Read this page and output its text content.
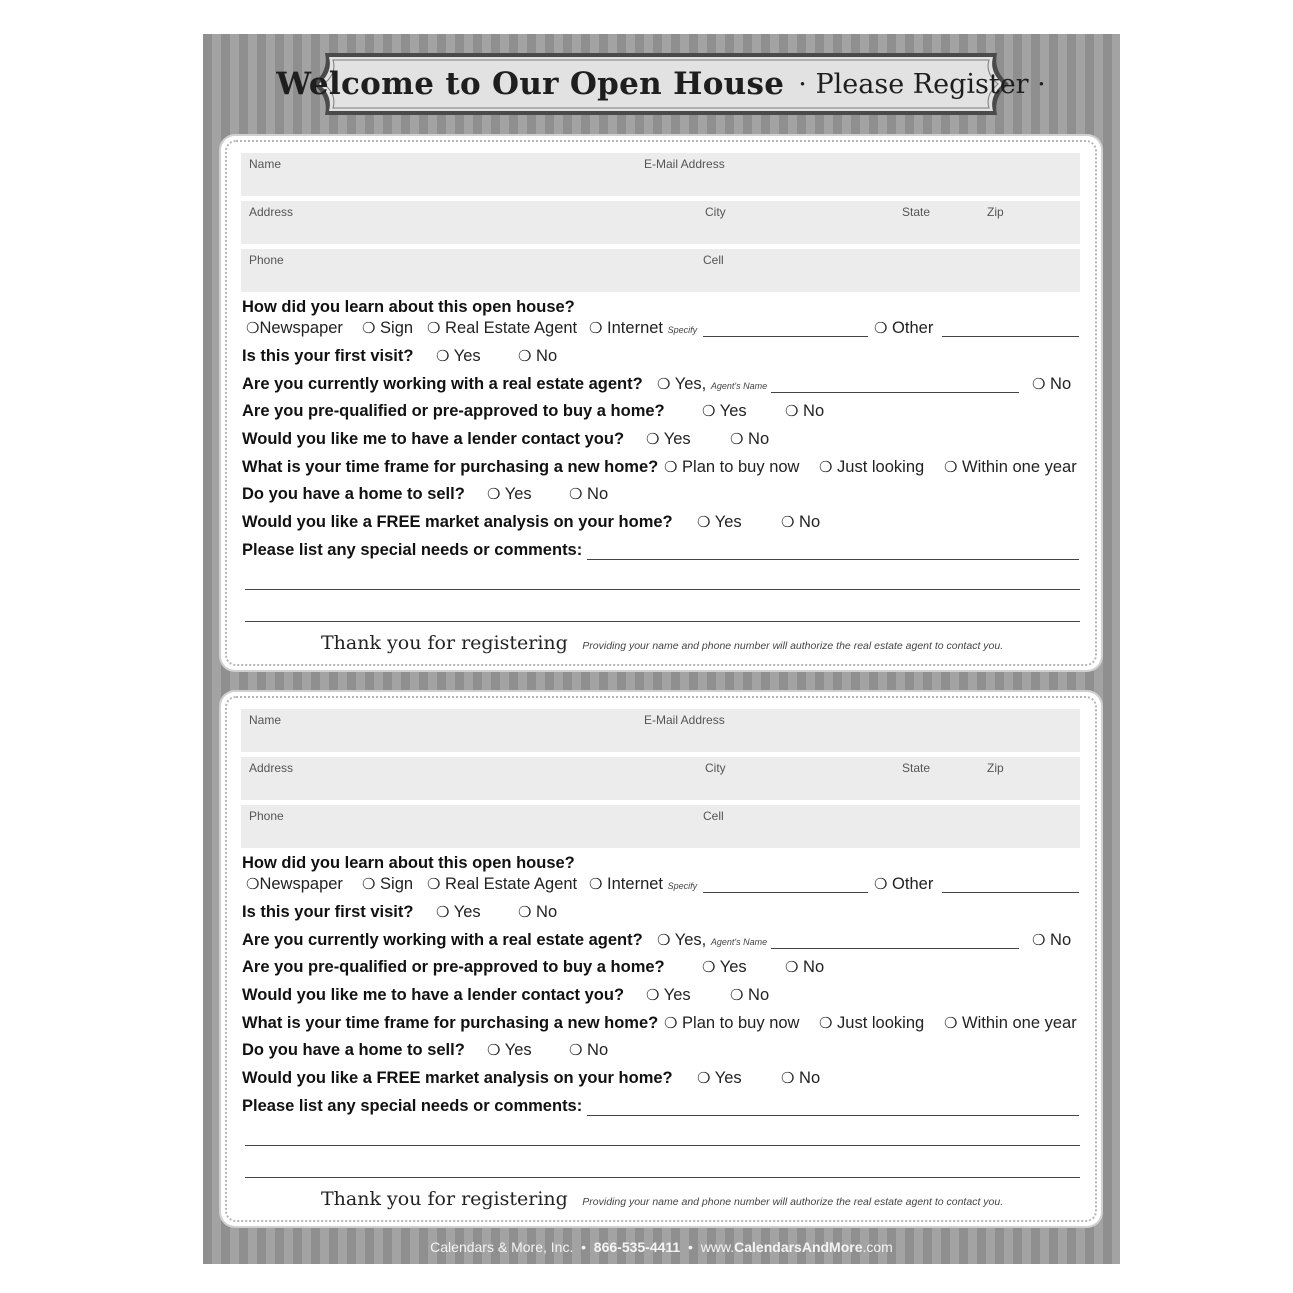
Welcome to Our Open House · Please Register ·
Name	E-Mail Address
Address	City	State	Zip
Phone	Cell
How did you learn about this open house?
❍Newspaper ❍ Sign ❍ Real Estate Agent ❍ Internet Specify	❍ Other
Is this your first visit? ❍ Yes ❍ No
Are you currently working with a real estate agent? ❍ Yes, Agent's Name	❍ No
Are you pre-qualified or pre-approved to buy a home? ❍ Yes	❍ No
Would you like me to have a lender contact you? ❍ Yes	❍ No
What is your time frame for purchasing a new home? ❍ Plan to buy now ❍ Just looking ❍ Within one year
Do you have a home to sell? ❍ Yes ❍ No
Would you like a FREE market analysis on your home? ❍ Yes	❍ No
Please list any special needs or comments:
Thank you for registering Providing your name and phone number will authorize the real estate agent to contact you.
Name	E-Mail Address
Address	City	State	Zip
Phone	Cell
How did you learn about this open house?
❍Newspaper ❍ Sign ❍ Real Estate Agent ❍ Internet Specify	❍ Other
Is this your first visit? ❍ Yes ❍ No
Are you currently working with a real estate agent? ❍ Yes, Agent's Name	❍ No
Are you pre-qualified or pre-approved to buy a home? ❍ Yes	❍ No
Would you like me to have a lender contact you? ❍ Yes	❍ No
What is your time frame for purchasing a new home? ❍ Plan to buy now ❍ Just looking ❍ Within one year
Do you have a home to sell? ❍ Yes ❍ No
Would you like a FREE market analysis on your home? ❍ Yes	❍ No
Please list any special needs or comments:
Thank you for registering Providing your name and phone number will authorize the real estate agent to contact you.
Calendars & More, Inc. • 866-535-4411 • www.CalendarsAndMore.com
